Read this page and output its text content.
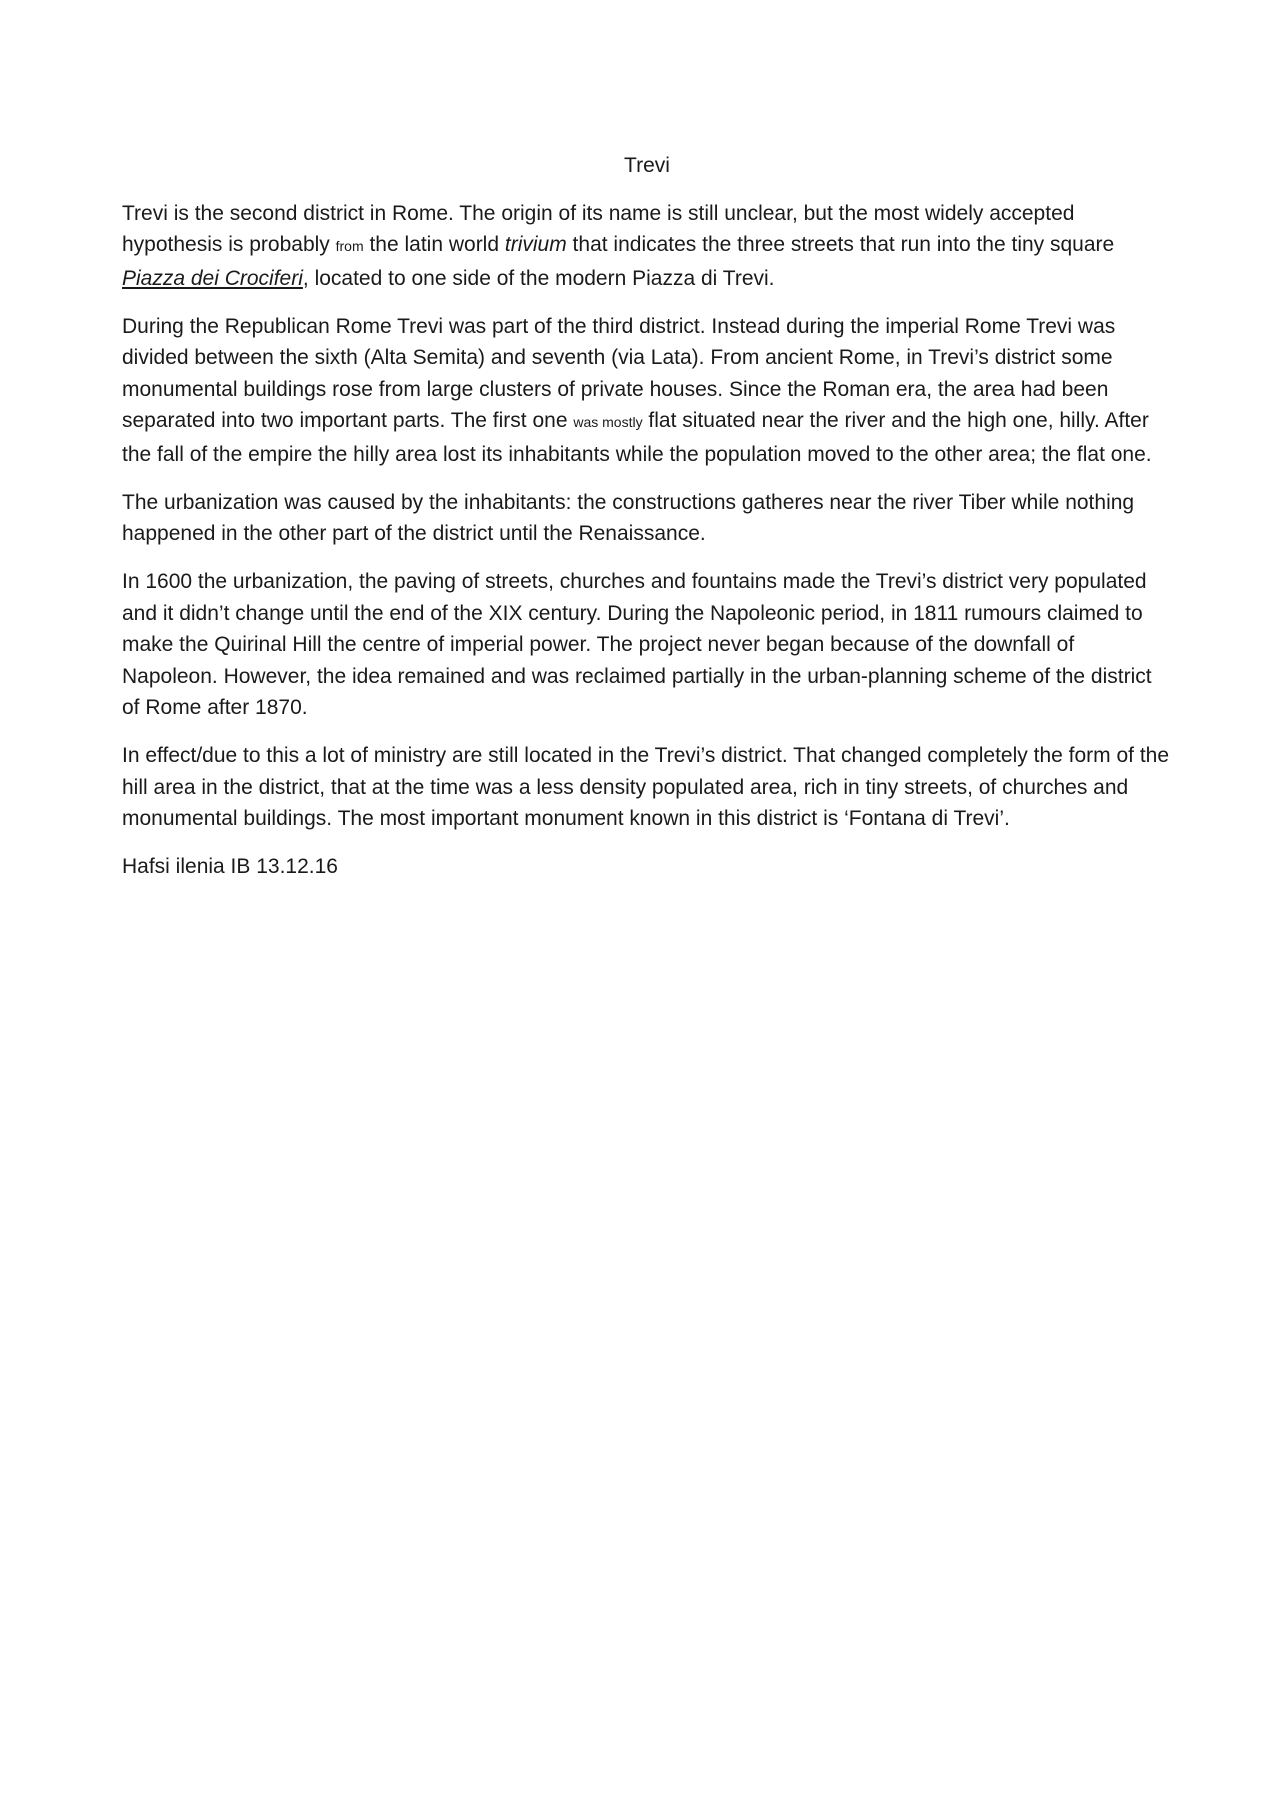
Trevi

Trevi is the second district in Rome. The origin of its name is still unclear, but the most widely accepted hypothesis is probably from the latin world trivium that indicates the three streets that run into the tiny square Piazza dei Crociferi, located to one side of the modern Piazza di Trevi.

During the Republican Rome Trevi was part of the third district. Instead during the imperial Rome Trevi was divided between the sixth (Alta Semita) and seventh (via Lata). From ancient Rome, in Trevi’s district some monumental buildings rose from large clusters of private houses. Since the Roman era, the area had been separated into two important parts. The first one was mostly flat situated near the river and the high one, hilly. After the fall of the empire the hilly area lost its inhabitants while the population moved to the other area; the flat one.

The urbanization was caused by the inhabitants: the constructions gatheres near the river Tiber while nothing happened in the other part of the district until the Renaissance.

In 1600 the urbanization, the paving of streets, churches and fountains made the Trevi’s district very populated and it didn’t change until the end of the XIX century. During the Napoleonic period, in 1811 rumours claimed to make the Quirinal Hill the centre of imperial power. The project never began because of the downfall of Napoleon. However, the idea remained and was reclaimed partially in the urban-planning scheme of the district of Rome after 1870.

In effect/due to this a lot of ministry are still located in the Trevi’s district. That changed completely the form of the hill area in the district, that at the time was a less density populated area, rich in tiny streets, of churches and monumental buildings. The most important monument known in this district is ‘Fontana di Trevi’.

Hafsi ilenia IB 13.12.16
